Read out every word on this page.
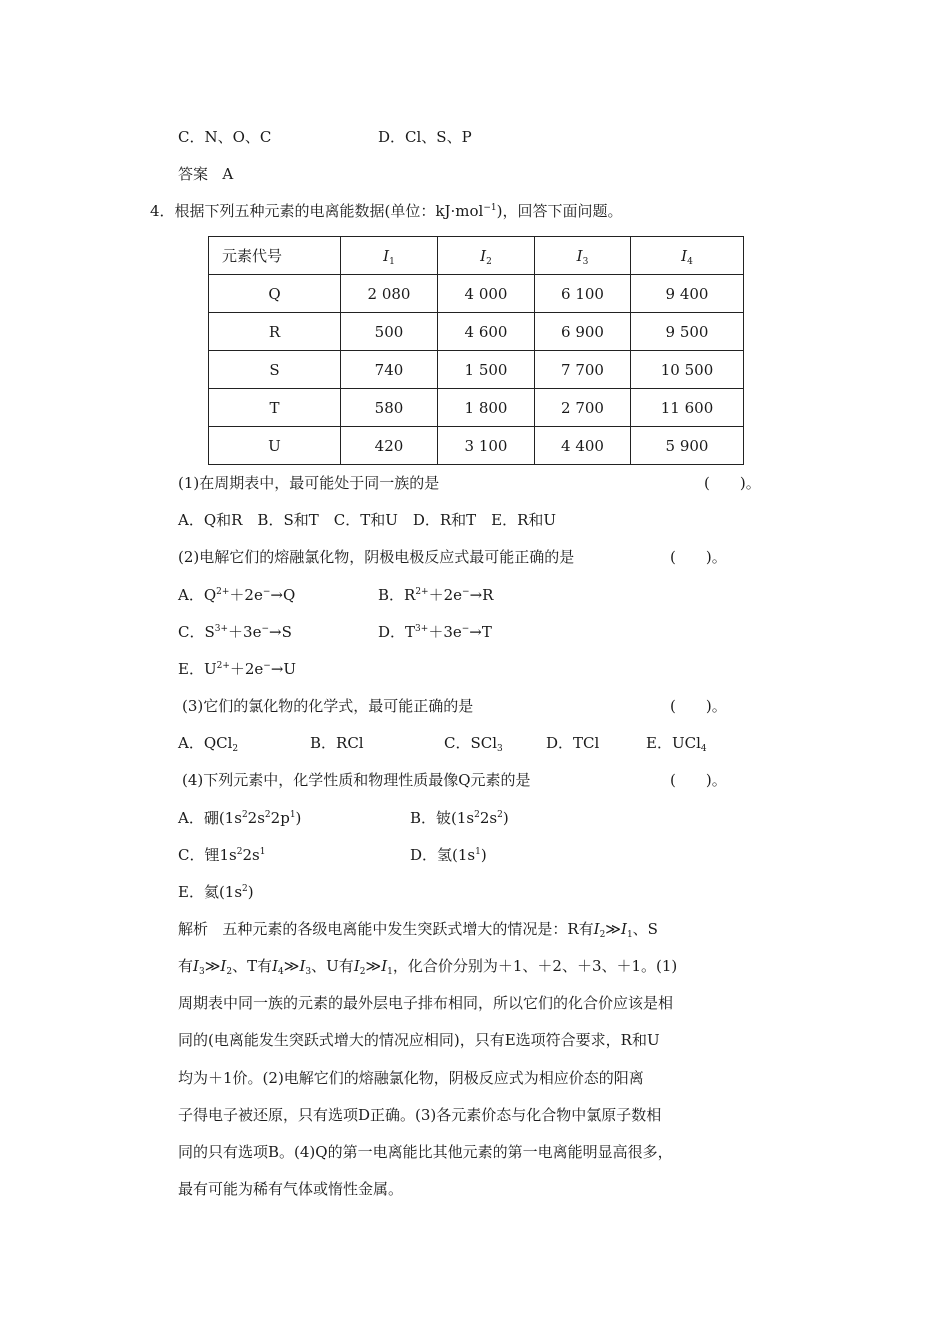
C．N、O、C	D．Cl、S、P
答案 A
4．根据下列五种元素的电离能数据(单位：kJ·mol$^{-1}$)，回答下面问题。
元素代号	$I_1$	$I_2$	$I_3$	$I_4$
Q	2 080	4 000	6 100	9 400
R	500	4 600	6 900	9 500
S	740	1 500	7 700	10 500
T	580	1 800	2 700	11 600
U	420	3 100	4 400	5 900
(1)在周期表中，最可能处于同一族的是	(　　)。
A．Q和R　B．S和T　C．T和U　D．R和T　E．R和U
(2)电解它们的熔融氯化物，阴极电极反应式最可能正确的是	(　　)。
A．$Q^{2+}+2e^-\to Q$	B．$R^{2+}+2e^-\to R$
C．$S^{3+}+3e^-\to S$	D．$T^{3+}+3e^-\to T$
E．$U^{2+}+2e^-\to U$
(3)它们的氯化物的化学式，最可能正确的是	(　　)。
A．QCl$_2$	B．RCl	C．SCl$_3$	D．TCl	E．UCl$_4$
(4)下列元素中，化学性质和物理性质最像Q元素的是	(　　)。
A．硼$(1s^22s^22p^1)$	B．铍$(1s^22s^2)$
C．锂$1s^22s^1$	D．氢$(1s^1)$
E．氦$(1s^2)$
解析 五种元素的各级电离能中发生突跃式增大的情况是：R有$I_2≫I_1$、S
有$I_3≫I_2$、T有$I_4≫I_3$、U有$I_2≫I_1$，化合价分别为＋1、＋2、＋3、＋1。(1)
周期表中同一族的元素的最外层电子排布相同，所以它们的化合价应该是相
同的(电离能发生突跃式增大的情况应相同)，只有E选项符合要求，R和U
均为＋1价。(2)电解它们的熔融氯化物，阴极反应式为相应价态的阳离
子得电子被还原，只有选项D正确。(3)各元素价态与化合物中氯原子数相
同的只有选项B。(4)Q的第一电离能比其他元素的第一电离能明显高很多，
最有可能为稀有气体或惰性金属。
